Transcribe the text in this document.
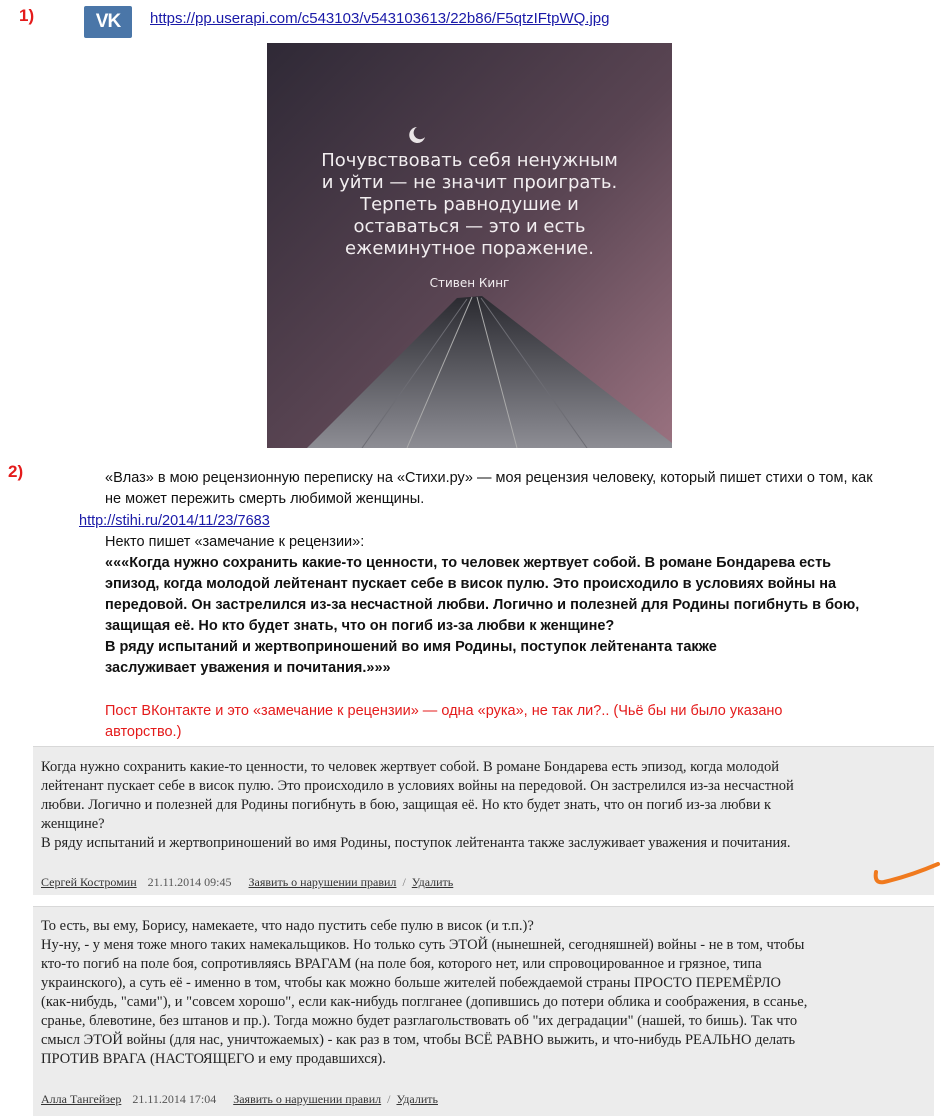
1)	VK	https://pp.userapi.com/c543103/v543103613/22b86/F5qtzIFtpWQ.jpg
Почувствовать себя ненужным
и уйти — не значит проиграть.
Терпеть равнодушие и
оставаться — это и есть
ежеминутное поражение.
Стивен Кинг
2)	«Влаз» в мою рецензионную переписку на «Стихи.ру» — моя рецензия человеку, который пишет стихи о том, как не может пережить смерть любимой женщины.

http://stihi.ru/2014/11/23/7683

Некто пишет «замечание к рецензии»:

«««Когда нужно сохранить какие-то ценности, то человек жертвует собой. В романе Бондарева есть эпизод, когда молодой лейтенант пускает себе в висок пулю. Это происходило в условиях войны на передовой. Он застрелился из-за несчастной любви. Логично и полезней для Родины погибнуть в бою, защищая её. Но кто будет знать, что он погиб из-за любви к женщине?

В ряду испытаний и жертвоприношений во имя Родины, поступок лейтенанта также заслуживает уважения и почитания.»»»

Пост ВКонтакте и это «замечание к рецензии» — одна «рука», не так ли?.. (Чьё бы ни было указано авторство.)

Когда нужно сохранить какие-то ценности, то человек жертвует собой. В романе Бондарева есть эпизод, когда молодой
лейтенант пускает себе в висок пулю. Это происходило в условиях войны на передовой. Он застрелился из-за несчастной
любви. Логично и полезней для Родины погибнуть в бою, защищая её. Но кто будет знать, что он погиб из-за любви к
женщине?
В ряду испытаний и жертвоприношений во имя Родины, поступок лейтенанта также заслуживает уважения и почитания.
Сергей Костромин 21.11.2014 09:45 Заявить о нарушении правил / Удалить
То есть, вы ему, Борису, намекаете, что надо пустить себе пулю в висок (и т.п.)?
Ну-ну, - у меня тоже много таких намекальщиков. Но только суть ЭТОЙ (нынешней, сегодняшней) войны - не в том, чтобы
кто-то погиб на поле боя, сопротивляясь ВРАГАМ (на поле боя, которого нет, или спровоцированное и грязное, типа
украинского), а суть её - именно в том, чтобы как можно больше жителей побеждаемой страны ПРОСТО ПЕРЕМЁРЛО
(как-нибудь, "сами"), и "совсем хорошо", если как-нибудь поглганее (допившись до потери облика и соображения, в ссанье,
сранье, блевотине, без штанов и пр.). Тогда можно будет разглагольствовать об "их деградации" (нашей, то бишь). Так что
смысл ЭТОЙ войны (для нас, уничтожаемых) - как раз в том, чтобы ВСЁ РАВНО выжить, и что-нибудь РЕАЛЬНО делать
ПРОТИВ ВРАГА (НАСТОЯЩЕГО и ему продавшихся).
Алла Тангейзер 21.11.2014 17:04 Заявить о нарушении правил / Удалить
